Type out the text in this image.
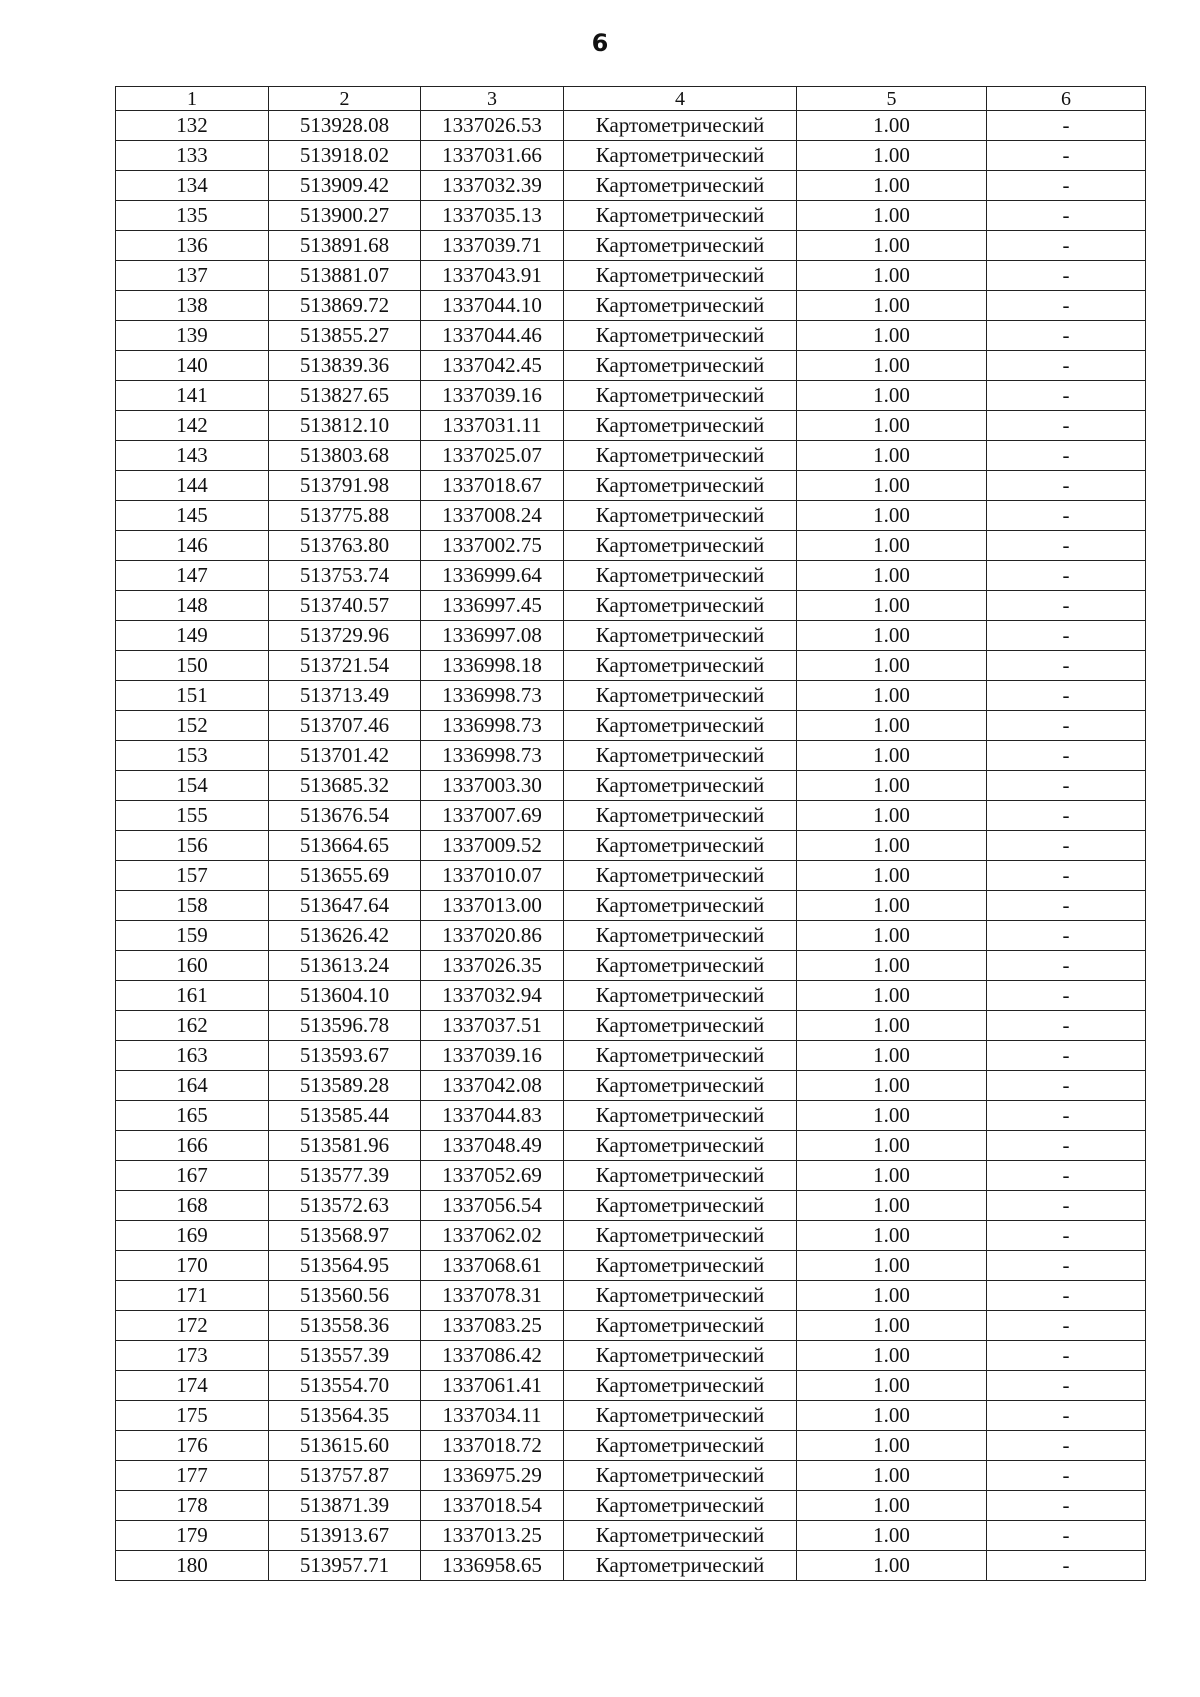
6
1	2	3	4	5	6
132	513928.08	1337026.53	Картометрический	1.00	-
133	513918.02	1337031.66	Картометрический	1.00	-
134	513909.42	1337032.39	Картометрический	1.00	-
135	513900.27	1337035.13	Картометрический	1.00	-
136	513891.68	1337039.71	Картометрический	1.00	-
137	513881.07	1337043.91	Картометрический	1.00	-
138	513869.72	1337044.10	Картометрический	1.00	-
139	513855.27	1337044.46	Картометрический	1.00	-
140	513839.36	1337042.45	Картометрический	1.00	-
141	513827.65	1337039.16	Картометрический	1.00	-
142	513812.10	1337031.11	Картометрический	1.00	-
143	513803.68	1337025.07	Картометрический	1.00	-
144	513791.98	1337018.67	Картометрический	1.00	-
145	513775.88	1337008.24	Картометрический	1.00	-
146	513763.80	1337002.75	Картометрический	1.00	-
147	513753.74	1336999.64	Картометрический	1.00	-
148	513740.57	1336997.45	Картометрический	1.00	-
149	513729.96	1336997.08	Картометрический	1.00	-
150	513721.54	1336998.18	Картометрический	1.00	-
151	513713.49	1336998.73	Картометрический	1.00	-
152	513707.46	1336998.73	Картометрический	1.00	-
153	513701.42	1336998.73	Картометрический	1.00	-
154	513685.32	1337003.30	Картометрический	1.00	-
155	513676.54	1337007.69	Картометрический	1.00	-
156	513664.65	1337009.52	Картометрический	1.00	-
157	513655.69	1337010.07	Картометрический	1.00	-
158	513647.64	1337013.00	Картометрический	1.00	-
159	513626.42	1337020.86	Картометрический	1.00	-
160	513613.24	1337026.35	Картометрический	1.00	-
161	513604.10	1337032.94	Картометрический	1.00	-
162	513596.78	1337037.51	Картометрический	1.00	-
163	513593.67	1337039.16	Картометрический	1.00	-
164	513589.28	1337042.08	Картометрический	1.00	-
165	513585.44	1337044.83	Картометрический	1.00	-
166	513581.96	1337048.49	Картометрический	1.00	-
167	513577.39	1337052.69	Картометрический	1.00	-
168	513572.63	1337056.54	Картометрический	1.00	-
169	513568.97	1337062.02	Картометрический	1.00	-
170	513564.95	1337068.61	Картометрический	1.00	-
171	513560.56	1337078.31	Картометрический	1.00	-
172	513558.36	1337083.25	Картометрический	1.00	-
173	513557.39	1337086.42	Картометрический	1.00	-
174	513554.70	1337061.41	Картометрический	1.00	-
175	513564.35	1337034.11	Картометрический	1.00	-
176	513615.60	1337018.72	Картометрический	1.00	-
177	513757.87	1336975.29	Картометрический	1.00	-
178	513871.39	1337018.54	Картометрический	1.00	-
179	513913.67	1337013.25	Картометрический	1.00	-
180	513957.71	1336958.65	Картометрический	1.00	-
